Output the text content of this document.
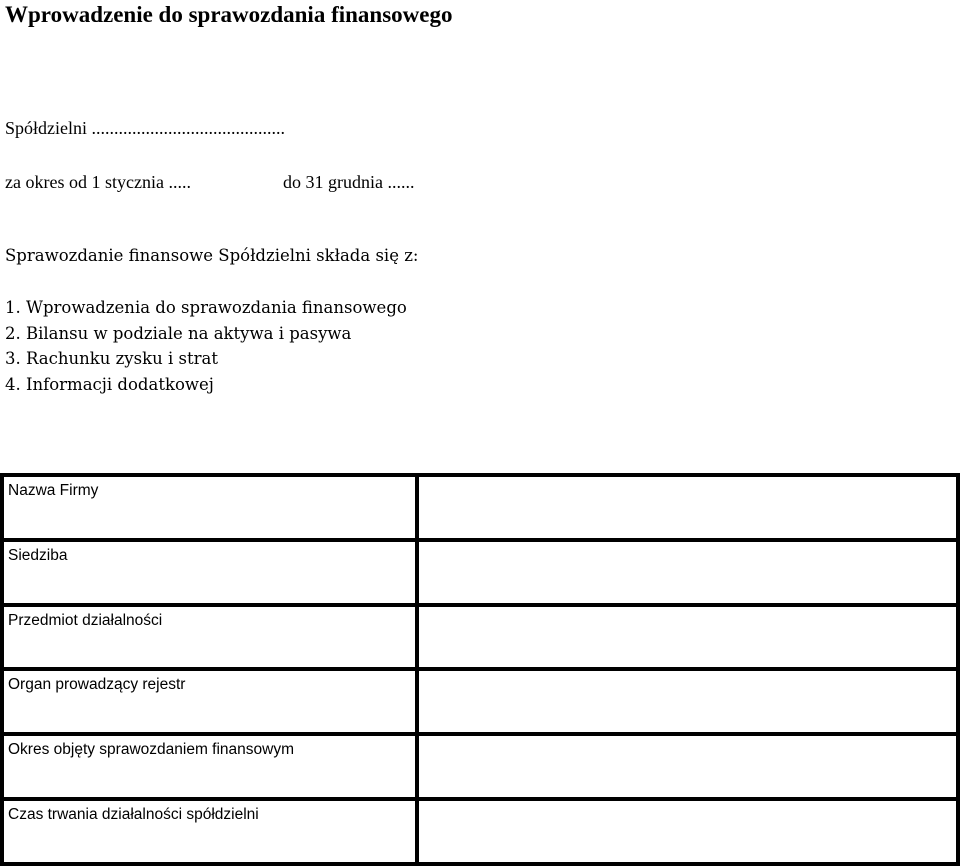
Wprowadzenie do sprawozdania finansowego
Spółdzielni ...........................................
za okres od 1 stycznia .....	do 31 grudnia ......
Sprawozdanie finansowe Spółdzielni składa się z:
1. Wprowadzenia do sprawozdania finansowego
2. Bilansu w podziale na aktywa i pasywa
3. Rachunku zysku i strat
4. Informacji dodatkowej
Nazwa Firmy	
Siedziba	
Przedmiot działalności	
Organ prowadzący rejestr	
Okres objęty sprawozdaniem finansowym	
Czas trwania działalności spółdzielni	
